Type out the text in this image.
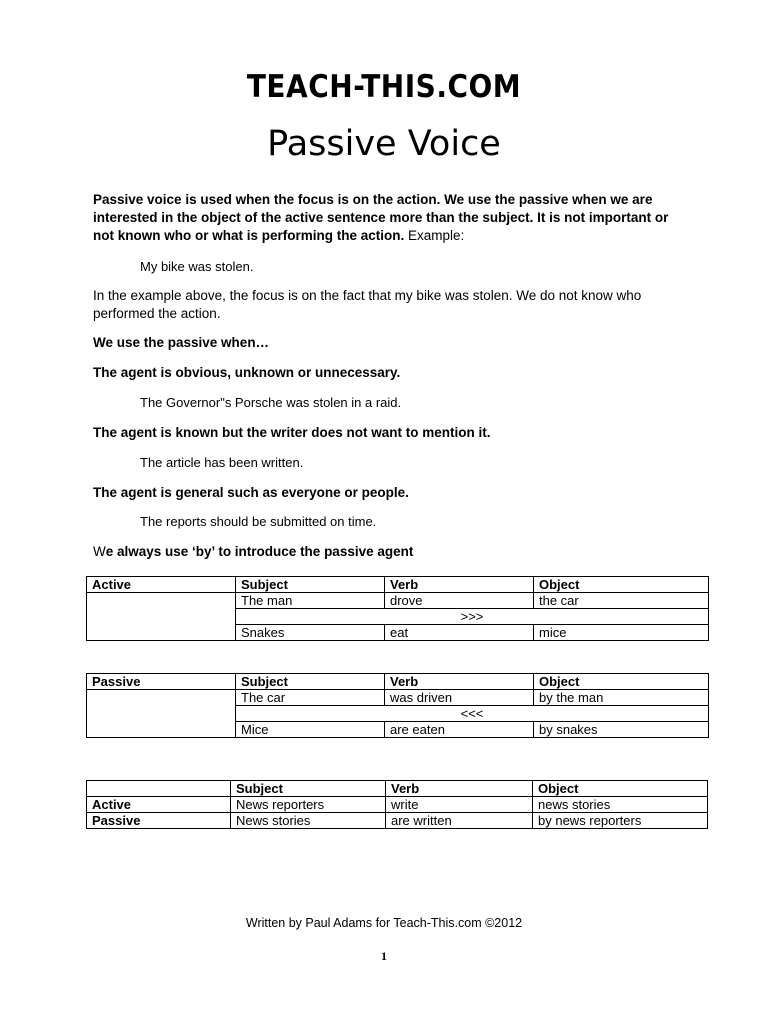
TEACH-THIS.COM
Passive Voice
Passive voice is used when the focus is on the action. We use the passive when we are interested in the object of the active sentence more than the subject. It is not important or not known who or what is performing the action. Example:
My bike was stolen.
In the example above, the focus is on the fact that my bike was stolen. We do not know who performed the action.
We use the passive when…
The agent is obvious, unknown or unnecessary.
The Governor"s Porsche was stolen in a raid.
The agent is known but the writer does not want to mention it.
The article has been written.
The agent is general such as everyone or people.
The reports should be submitted on time.
We always use ‘by’ to introduce the passive agent
Active	Subject	Verb	Object
	The man	drove	the car
	>>>		
	Snakes	eat	mice
Passive	Subject	Verb	Object
	The car	was driven	by the man
	<<<		
	Mice	are eaten	by snakes
	Subject	Verb	Object
Active	News reporters	write	news stories
Passive	News stories	are written	by news reporters
Written by Paul Adams for Teach-This.com ©2012
1
